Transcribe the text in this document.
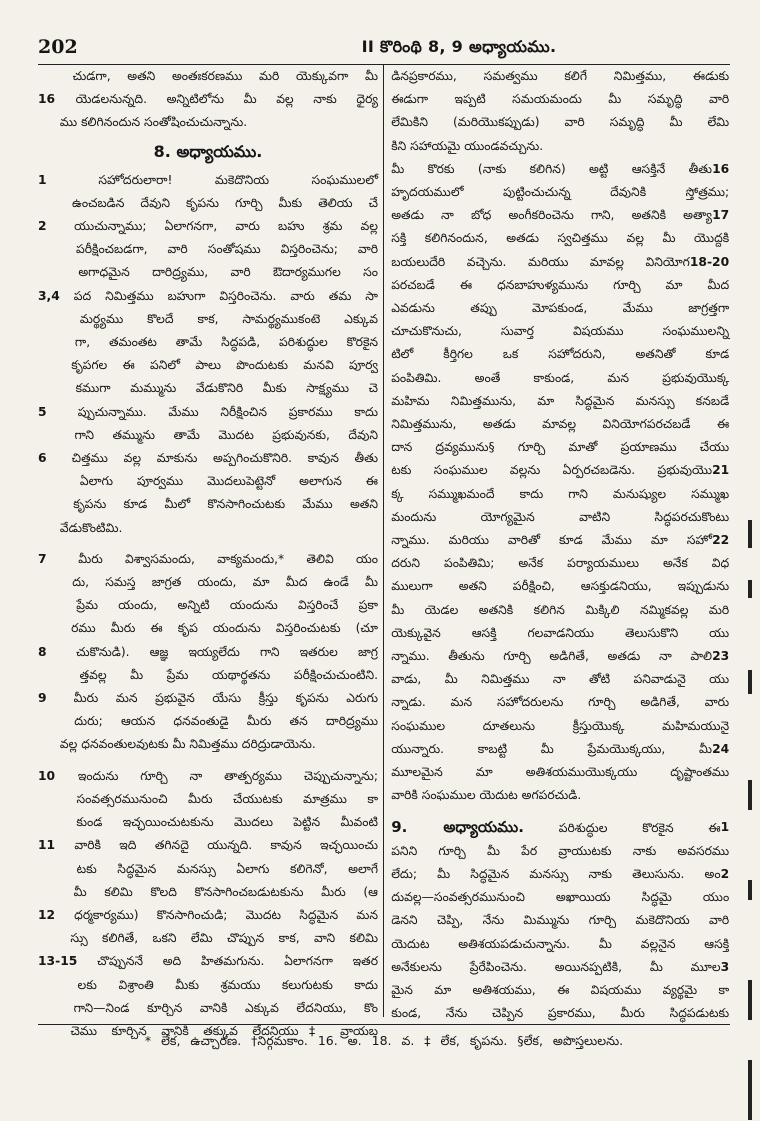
202	II కొరింథి 8, 9 అధ్యాయము.
చుడగా, అతని అంతఃకరణము మరి యెక్కువగా మీ
16 యెడలనున్నది. అన్నిటిలోను మీ వల్ల నాకు ధైర్య
ము కలిగినందున సంతోషించుచున్నాను.
8. అధ్యాయము.
1	సహోదరులారా! మకెదొనియ సంఘములలో
ఉంచబడిన దేవుని కృపను గూర్చి మీకు తెలియ చే
2 యుచున్నాము; ఏలాగనగా, వారు బహు శ్రమ వల్ల
పరీక్షించబడగా, వారి సంతోషము విస్తరించెను; వారి
అగాధమైన దారిద్ర్యము, వారి ఔదార్యముగల సం
3,4 పద నిమిత్తము బహుగా విస్తరించెను. వారు తమ సా
మర్థ్యము కొలదే కాక, సామర్థ్యముకంటె ఎక్కువ
గా, తమంతట తామే సిద్ధపడి, పరిశుద్ధుల కొరకైన
కృపగల ఈ పనిలో పాలు పొందుటకు మనవి పూర్వ
కముగా మమ్మును వేడుకొనిరి మీకు సాక్ష్యము చె
5	ప్పుచున్నాము. మేము నిరీక్షించిన ప్రకారము కాదు
గాని తమ్మును తామే మొదట ప్రభువునకు, దేవుని
6 చిత్తము వల్ల మాకును అప్పగించుకొనిరి. కావున తీతు
ఏలాగు పూర్వము మొదలుపెట్టెనో అలాగున ఈ
కృపను కూడ మీలో కొనసాగించుటకు మేము అతని
వేడుకొంటిమి.
7	మీరు విశ్వాసమందు, వాక్యమందు,* తెలివి యం
దు, సమస్త జాగ్రత యందు, మా మీద ఉండే మీ
ప్రేమ యందు, అన్నిటి యందును విస్తరించే ప్రకా
రము మీరు ఈ కృప యందును విస్తరించుటకు (చూ
8 చుకొనుడి). ఆజ్ఞ ఇయ్యలేదు గాని ఇతరుల జాగ్ర
త్తవల్ల మీ ప్రేమ యథార్థతను పరీక్షించుచుంటిని.
9 మీరు మన ప్రభువైన యేసు క్రీస్తు కృపను ఎరుగు
దురు; ఆయన ధనవంతుడై మీరు తన దారిద్ర్యము
వల్ల ధనవంతులవుటకు మీ నిమిత్తము దరిద్రుడాయెను.
10 ఇందును గూర్చి నా తాత్పర్యము చెప్పుచున్నాను;
సంవత్సరమునుంచి మీరు చేయుటకు మాత్రము కా
కుండ ఇచ్ఛయించుటకును మొదలు పెట్టిన మీవంటి
11 వారికి ఇది తగినదై యున్నది. కావున ఇచ్ఛయించు
టకు సిద్ధమైన మనస్సు ఏలాగు కలిగెనో, అలాగే
మీ కలిమి కొలది కొనసాగించబడుటకును మీరు (ఆ
12 ధర్మకార్యము) కొనసాగించుడి; మొదట సిద్ధమైన మన
స్సు కలిగితే, ఒకని లేమి చొప్పున కాక, వాని కలిమి
13-15 చొప్పుననే అది హితమగును. ఏలాగనగా ఇతర
లకు విశ్రాంతి మీకు శ్రమయు కలుగుటకు కాదు
గాని—నిండ కూర్చిన వానికి ఎక్కువ లేదనియు, కొం
చెము కూర్చిన వానికి తక్కువ లేదనియు‡ వ్రాయబ
డినప్రకారము, సమత్వము కలిగే నిమిత్తము, ఈడుకు
ఈడుగా ఇప్పటి సమయమందు మీ సమృద్ధి వారి
లేమికిని (మరియొకప్పుడు) వారి సమృద్ధి మీ లేమి
కిని సహాయమై యుండవచ్చును.
16
మీ కొరకు (నాకు కలిగిన) అట్టి ఆసక్తినే తీతు
హృదయములో పుట్టించుచున్న దేవునికి స్తోత్రము;
17
అతడు నా బోధ అంగీకరించెను గాని, అతనికి అత్యా
సక్తి కలిగినందున, అతడు స్వచిత్తము వల్ల మీ యొద్దకి
18-20
బయలుదేరి వచ్చెను. మరియు మావల్ల వినియోగ
పరచబడే ఈ ధనబాహుళ్యమును గూర్చి మా మీద
ఎవడును తప్పు మోపకుండ, మేము జాగ్రత్తగా
చూచుకొనుచు, సువార్త విషయము సంఘములన్ని
టిలో కీర్తిగల ఒక సహోదరుని, అతనితో కూడ
పంపితిమి. అంతే కాకుండ, మన ప్రభువుయొక్క
మహిమ నిమిత్తమును, మా సిద్ధమైన మనస్సు కనబడే
నిమిత్తమును, అతడు మావల్ల వినియోగపరచబడే ఈ
దాన ద్రవ్యమును§ గూర్చి మాతో ప్రయాణము చేయు
21
టకు సంఘముల వల్లను ఏర్పరచబడెను. ప్రభువుయొ
క్క సమ్ముఖమందే కాదు గాని మనుష్యుల సమ్ముఖ
మందును యోగ్యమైన వాటిని సిద్ధపరచుకొంటు
22
న్నాము. మరియు వారితో కూడ మేము మా సహో
దరుని పంపితిమి; అనేక పర్యాయములు అనేక విధ
ములుగా అతని పరీక్షించి, ఆసక్తుడనియు, ఇప్పుడును
మీ యెడల అతనికి కలిగిన మిక్కిలి నమ్మికవల్ల మరి
యెక్కువైన ఆసక్తి గలవాడనియు తెలుసుకొని యు
23
న్నాము. తీతును గూర్చి అడిగితే, అతడు నా పాలి
వాడు, మీ నిమిత్తము నా తోటి పనివాడునై యు
న్నాడు. మన సహోదరులను గూర్చి అడిగితే, వారు
సంఘముల దూతలును క్రీస్తుయొక్క మహిమయునై
24
యున్నారు. కాబట్టి మీ ప్రేమయొక్కయు, మీ
మూలమైన మా అతిశయముయొక్కయు దృష్టాంతము
వారికి సంఘముల యెదుట అగపరచుడి.
1
9. అధ్యాయము.	పరిశుద్ధుల కొరకైన ఈ
పనిని గూర్చి మీ పేర వ్రాయుటకు నాకు అవసరము
2
లేదు; మీ సిద్ధమైన మనస్సు నాకు తెలుసును. అం
దువల్ల—సంవత్సరమునుంచి అఖాయియ సిద్ధమై యుం
డెనని చెప్పి, నేను మిమ్మును గూర్చి మకెదొనియ వారి
యెదుట అతిశయపడుచున్నాను. మీ వల్లనైన ఆసక్తి
3
అనేకులను ప్రేరేపించెను. అయినప్పటికి, మీ మూల
మైన మా అతిశయము, ఈ విషయము వ్యర్థమై కా
కుండ, నేను చెప్పిన ప్రకారము, మీరు సిద్ధపడుటకు
* లేక, ఉచ్చారణ. †నిర్గమకాం. 16. అ. 18. వ. ‡ లేక, కృపను. §లేక, అపొస్తలులను.
